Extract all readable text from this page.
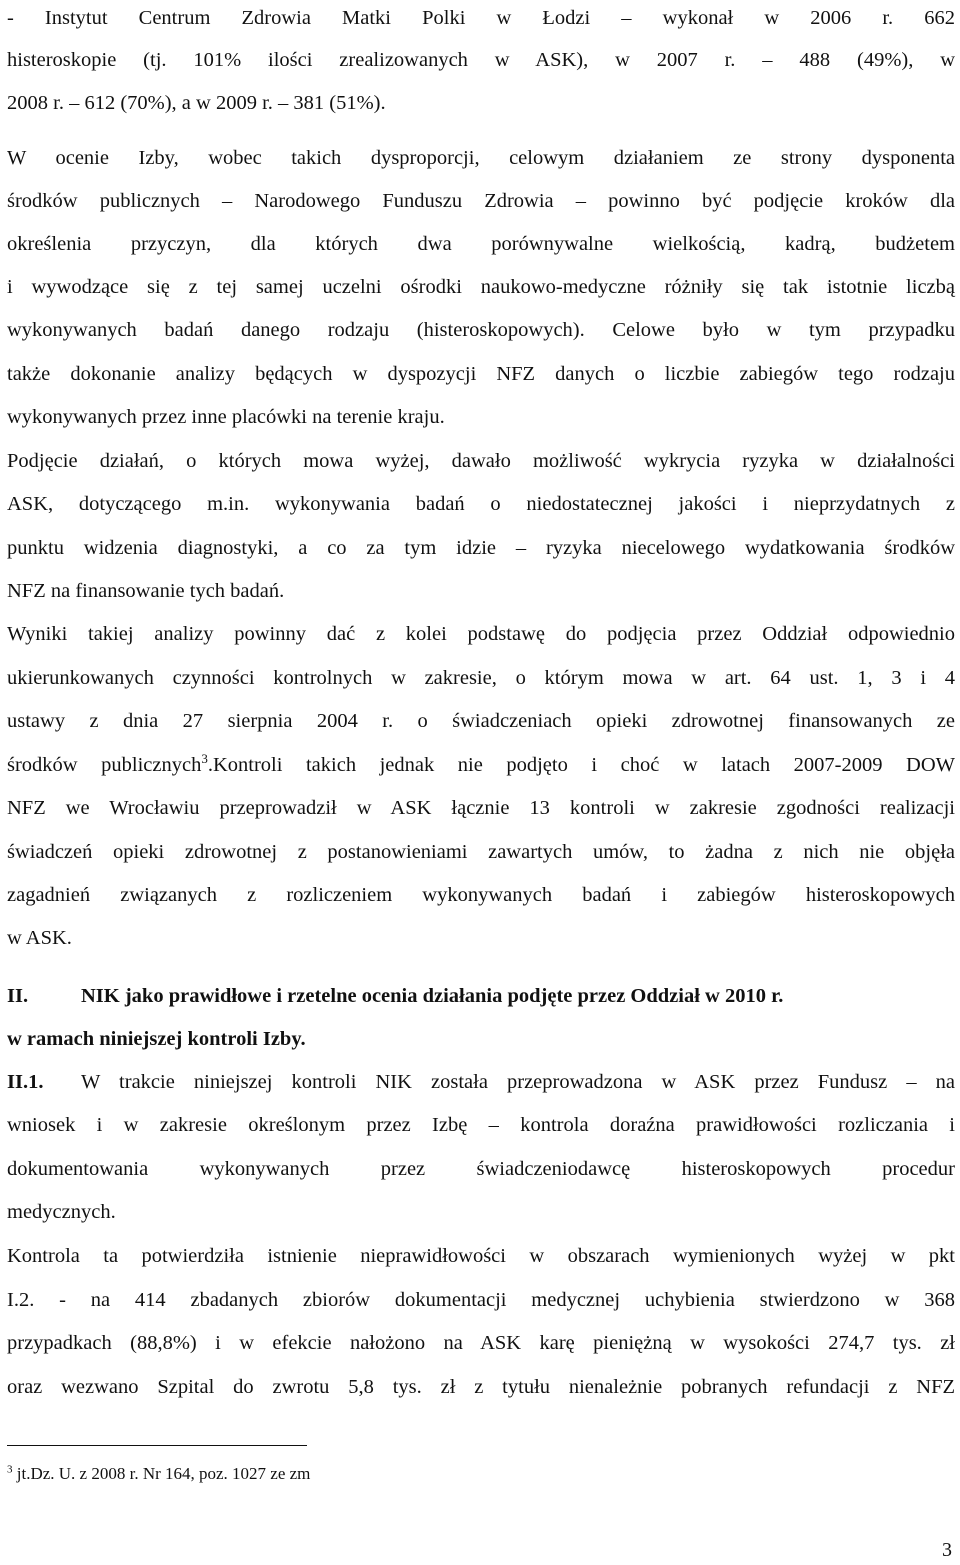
- Instytut Centrum Zdrowia Matki Polki w Łodzi – wykonał w 2006 r. 662
histeroskopie (tj. 101% ilości zrealizowanych w ASK), w 2007 r. – 488 (49%), w
2008 r. – 612 (70%), a w 2009 r. – 381 (51%).
W ocenie Izby, wobec takich dysproporcji, celowym działaniem ze strony dysponenta
środków publicznych – Narodowego Funduszu Zdrowia – powinno być podjęcie kroków dla
określenia przyczyn, dla których dwa porównywalne wielkością, kadrą, budżetem
i wywodzące się z tej samej uczelni ośrodki naukowo-medyczne różniły się tak istotnie liczbą
wykonywanych badań danego rodzaju (histeroskopowych). Celowe było w tym przypadku
także dokonanie analizy będących w dyspozycji NFZ danych o liczbie zabiegów tego rodzaju
wykonywanych przez inne placówki na terenie kraju.
Podjęcie działań, o których mowa wyżej, dawało możliwość wykrycia ryzyka w działalności
ASK, dotyczącego m.in. wykonywania badań o niedostatecznej jakości i nieprzydatnych z
punktu widzenia diagnostyki, a co za tym idzie – ryzyka niecelowego wydatkowania środków
NFZ na finansowanie tych badań.
Wyniki takiej analizy powinny dać z kolei podstawę do podjęcia przez Oddział odpowiednio
ukierunkowanych czynności kontrolnych w zakresie, o którym mowa w art. 64 ust. 1, 3 i 4
ustawy z dnia 27 sierpnia 2004 r. o świadczeniach opieki zdrowotnej finansowanych ze
środków publicznych$^3$.Kontroli takich jednak nie podjęto i choć w latach 2007-2009 DOW
NFZ we Wrocławiu przeprowadził w ASK łącznie 13 kontroli w zakresie zgodności realizacji
świadczeń opieki zdrowotnej z postanowieniami zawartych umów, to żadna z nich nie objęła
zagadnień związanych z rozliczeniem wykonywanych badań i zabiegów histeroskopowych
w ASK.
II.	NIK jako prawidłowe i rzetelne ocenia działania podjęte przez Oddział w 2010 r.
w ramach niniejszej kontroli Izby.
II.1. W trakcie niniejszej kontroli NIK została przeprowadzona w ASK przez Fundusz – na
wniosek i w zakresie określonym przez Izbę – kontrola doraźna prawidłowości rozliczania i
dokumentowania wykonywanych przez świadczeniodawcę histeroskopowych procedur
medycznych.
Kontrola ta potwierdziła istnienie nieprawidłowości w obszarach wymienionych wyżej w pkt
I.2. - na 414 zbadanych zbiorów dokumentacji medycznej uchybienia stwierdzono w 368
przypadkach (88,8%) i w efekcie nałożono na ASK karę pieniężną w wysokości 274,7 tys. zł
oraz wezwano Szpital do zwrotu 5,8 tys. zł z tytułu nienależnie pobranych refundacji z NFZ
$^3$ jt.Dz. U. z 2008 r. Nr 164, poz. 1027 ze zm
3
